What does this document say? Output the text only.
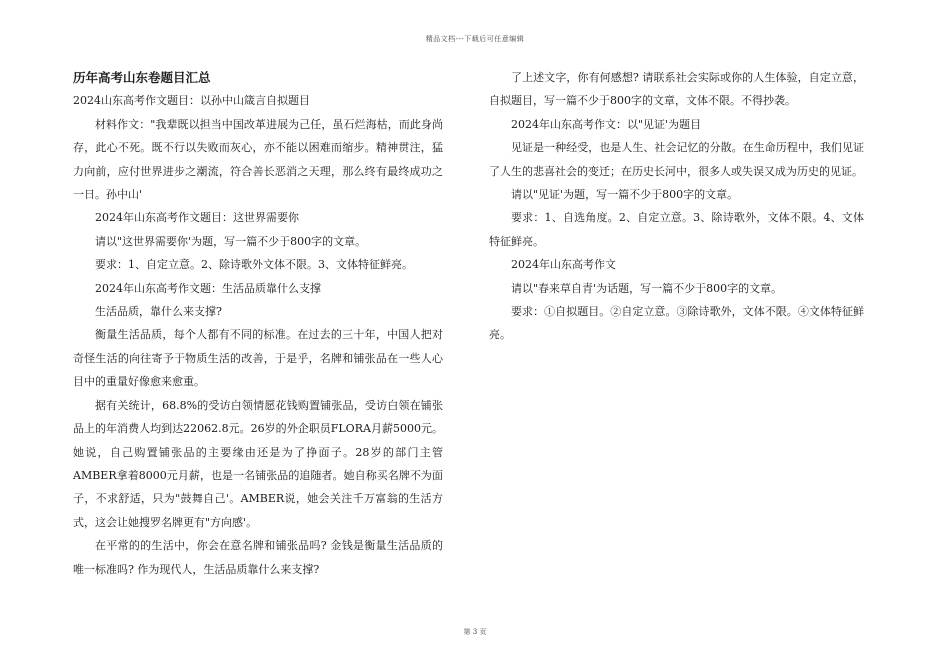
精品文档---下载后可任意编辑

历年高考山东卷题目汇总

2024山东高考作文题目：以孙中山箴言自拟题目

材料作文："我辈既以担当中国改革进展为己任，虽石烂海枯，而此身尚存，此心不死。既不行以失败而灰心，亦不能以困难而缩步。精神贯注，猛力向前，应付世界进步之潮流，符合善长恶消之天理，那么终有最终成功之一日。孙中山'

2024年山东高考作文题目：这世界需要你

请以"这世界需要你'为题，写一篇不少于800字的文章。

要求：1、自定立意。2、除诗歌外文体不限。3、文体特征鲜亮。

2024年山东高考作文题：生活品质靠什么支撑

生活品质，靠什么来支撑?

衡量生活品质，每个人都有不同的标准。在过去的三十年，中国人把对奇怪生活的向往寄予于物质生活的改善，于是乎，名牌和铺张品在一些人心目中的重量好像愈来愈重。

据有关统计，68.8%的受访白领情愿花钱购置铺张品，受访白领在铺张品上的年消费人均到达22062.8元。26岁的外企职员FLORA月薪5000元。她说，自己购置铺张品的主要缘由还是为了挣面子。28岁的部门主管AMBER拿着8000元月薪，也是一名铺张品的追随者。她自称买名牌不为面子，不求舒适，只为"鼓舞自己'。AMBER说，她会关注千万富翁的生活方式，这会让她搜罗名牌更有"方向感'。

在平常的的生活中，你会在意名牌和铺张品吗? 金钱是衡量生活品质的唯一标准吗? 作为现代人，生活品质靠什么来支撑?

了上述文字，你有何感想? 请联系社会实际或你的人生体验，自定立意，自拟题目，写一篇不少于800字的文章，文体不限。不得抄袭。

2024年山东高考作文：以"见证'为题目

见证是一种经受，也是人生、社会记忆的分散。在生命历程中，我们见证了人生的悲喜社会的变迁；在历史长河中，很多人或失误又成为历史的见证。

请以"见证'为题，写一篇不少于800字的文章。

要求：1、自选角度。2、自定立意。3、除诗歌外，文体不限。4、文体特征鲜亮。

2024年山东高考作文

请以"春来草自青'为话题，写一篇不少于800字的文章。

要求：①自拟题目。②自定立意。③除诗歌外，文体不限。④文体特征鲜亮。

第 3 页
